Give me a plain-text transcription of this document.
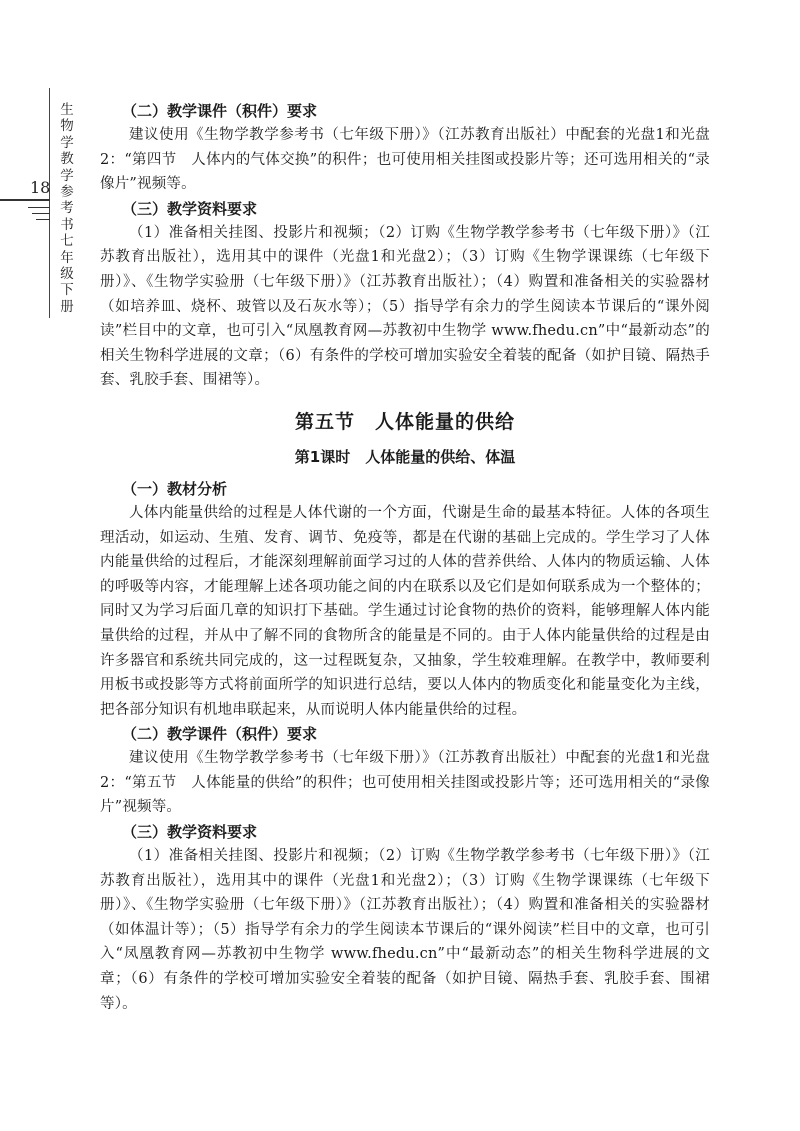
生
物
学
教
学
参
考
书
七
年
级
下
册
18
（二）教学课件（积件）要求

建议使用《生物学教学参考书（七年级下册）》（江苏教育出版社）中配套的光盘1和光盘2：“第四节　人体内的气体交换”的积件；也可使用相关挂图或投影片等；还可选用相关的“录像片”视频等。

（三）教学资料要求

（1）准备相关挂图、投影片和视频；（2）订购《生物学教学参考书（七年级下册）》（江苏教育出版社），选用其中的课件（光盘1和光盘2）；（3）订购《生物学课课练（七年级下册）》、《生物学实验册（七年级下册）》（江苏教育出版社）；（4）购置和准备相关的实验器材（如培养皿、烧杯、玻管以及石灰水等）；（5）指导学有余力的学生阅读本节课后的“课外阅读”栏目中的文章，也可引入“凤凰教育网—苏教初中生物学 www.fhedu.cn”中“最新动态”的相关生物科学进展的文章；（6）有条件的学校可增加实验安全着装的配备（如护目镜、隔热手套、乳胶手套、围裙等）。

第五节　人体能量的供给
第1课时　人体能量的供给、体温
（一）教材分析

人体内能量供给的过程是人体代谢的一个方面，代谢是生命的最基本特征。人体的各项生理活动，如运动、生殖、发育、调节、免疫等，都是在代谢的基础上完成的。学生学习了人体内能量供给的过程后，才能深刻理解前面学习过的人体的营养供给、人体内的物质运输、人体的呼吸等内容，才能理解上述各项功能之间的内在联系以及它们是如何联系成为一个整体的；同时又为学习后面几章的知识打下基础。学生通过讨论食物的热价的资料，能够理解人体内能量供给的过程，并从中了解不同的食物所含的能量是不同的。由于人体内能量供给的过程是由许多器官和系统共同完成的，这一过程既复杂，又抽象，学生较难理解。在教学中，教师要利用板书或投影等方式将前面所学的知识进行总结，要以人体内的物质变化和能量变化为主线，把各部分知识有机地串联起来，从而说明人体内能量供给的过程。

（二）教学课件（积件）要求

建议使用《生物学教学参考书（七年级下册）》（江苏教育出版社）中配套的光盘1和光盘2：“第五节　人体能量的供给”的积件；也可使用相关挂图或投影片等；还可选用相关的“录像片”视频等。

（三）教学资料要求

（1）准备相关挂图、投影片和视频；（2）订购《生物学教学参考书（七年级下册）》（江苏教育出版社），选用其中的课件（光盘1和光盘2）；（3）订购《生物学课课练（七年级下册）》、《生物学实验册（七年级下册）》（江苏教育出版社）；（4）购置和准备相关的实验器材（如体温计等）；（5）指导学有余力的学生阅读本节课后的“课外阅读”栏目中的文章，也可引入“凤凰教育网—苏教初中生物学 www.fhedu.cn”中“最新动态”的相关生物科学进展的文章；（6）有条件的学校可增加实验安全着装的配备（如护目镜、隔热手套、乳胶手套、围裙等）。
